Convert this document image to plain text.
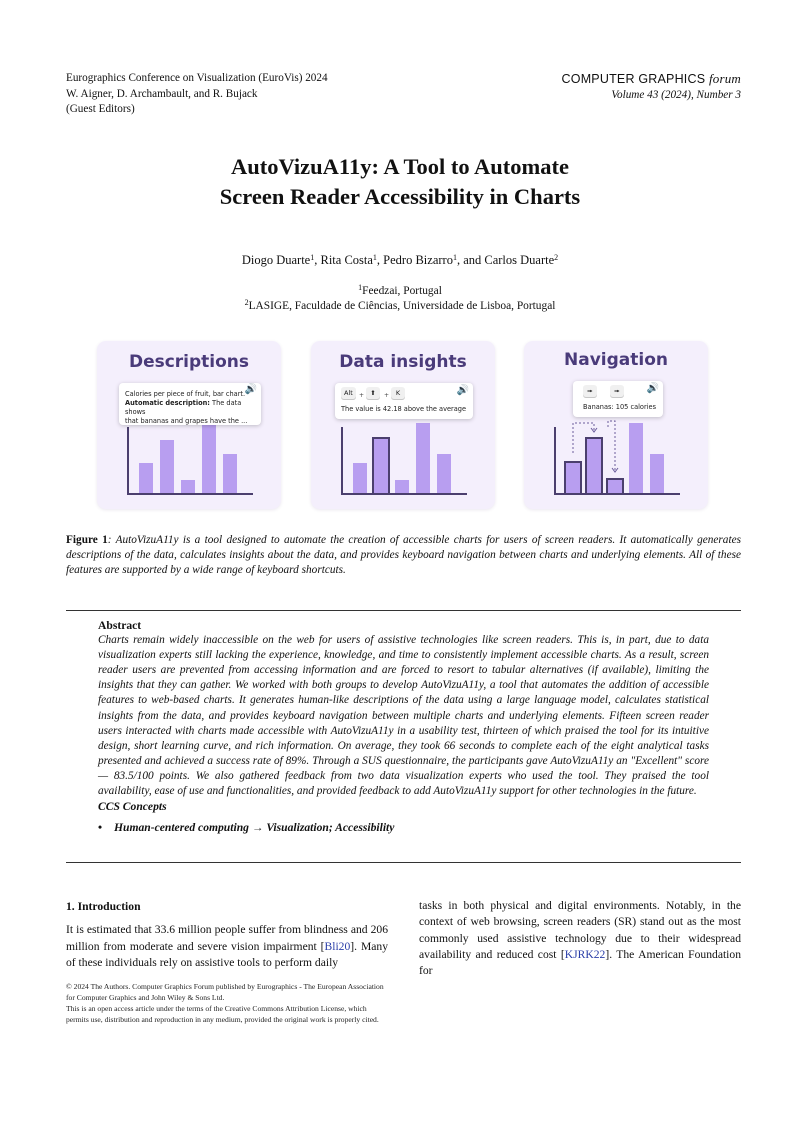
Eurographics Conference on Visualization (EuroVis) 2024
W. Aigner, D. Archambault, and R. Bujack
(Guest Editors)
COMPUTER GRAPHICS forum
Volume 43 (2024), Number 3
AutoVizuA11y: A Tool to Automate
Screen Reader Accessibility in Charts
Diogo Duarte$^1$, Rita Costa$^1$, Pedro Bizarro$^1$, and Carlos Duarte$^2$
$^1$Feedzai, Portugal
$^2$LASIGE, Faculdade de Ciências, Universidade de Lisboa, Portugal
Descriptions
Calories per piece of fruit, bar chart.
Automatic description: The data shows
that bananas and grapes have the ...
🔊
Data insights
Alt	+ ⬆	+	K
The value is 42.18 above the average
🔊
Navigation
🠚	🠚
Bananas: 105 calories
🔊
Figure 1: AutoVizuA11y is a tool designed to automate the creation of accessible charts for users of screen readers. It automatically generates descriptions of the data, calculates insights about the data, and provides keyboard navigation between charts and underlying elements. All of these features are supported by a wide range of keyboard shortcuts.
Abstract

Charts remain widely inaccessible on the web for users of assistive technologies like screen readers. This is, in part, due to data visualization experts still lacking the experience, knowledge, and time to consistently implement accessible charts. As a result, screen reader users are prevented from accessing information and are forced to resort to tabular alternatives (if available), limiting the insights that they can gather. We worked with both groups to develop AutoVizuA11y, a tool that automates the addition of accessible features to web-based charts. It generates human-like descriptions of the data using a large language model, calculates statistical insights from the data, and provides keyboard navigation between multiple charts and underlying elements. Fifteen screen reader users interacted with charts made accessible with AutoVizuA11y in a usability test, thirteen of which praised the tool for its intuitive design, short learning curve, and rich information. On average, they took 66 seconds to complete each of the eight analytical tasks presented and achieved a success rate of 89%. Through a SUS questionnaire, the participants gave AutoVizuA11y an "Excellent" score — 83.5/100 points. We also gathered feedback from two data visualization experts who used the tool. They praised the tool availability, ease of use and functionalities, and provided feedback to add AutoVizuA11y support for other technologies in the future.

CCS Concepts
• Human-centered computing → Visualization; Accessibility
1. Introduction

It is estimated that 33.6 million people suffer from blindness and 206 million from moderate and severe vision impairment [Bli20]. Many of these individuals rely on assistive tools to perform daily

tasks in both physical and digital environments. Notably, in the context of web browsing, screen readers (SR) stand out as the most commonly used assistive technology due to their widespread availability and reduced cost [KJRK22]. The American Foundation for

© 2024 The Authors. Computer Graphics Forum published by Eurographics - The European Association for Computer Graphics and John Wiley & Sons Ltd.
This is an open access article under the terms of the Creative Commons Attribution License, which permits use, distribution and reproduction in any medium, provided the original work is properly cited.
